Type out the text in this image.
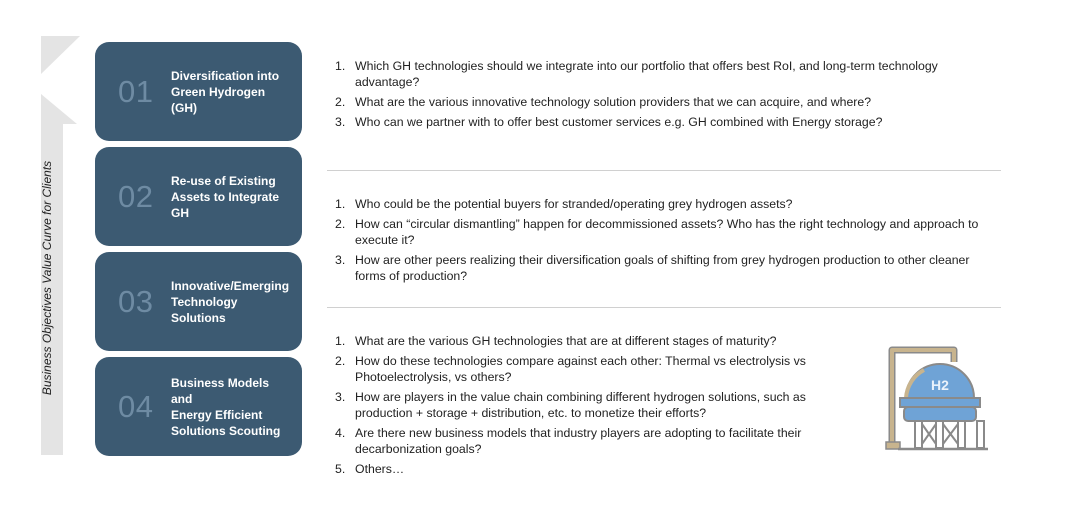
Business Objectives Value Curve for Clients
01 Diversification into
Green Hydrogen (GH)
02 Re-use of Existing
Assets to Integrate GH
03 Innovative/Emerging
Technology Solutions
04
Business Models and
Energy Efficient
Solutions Scouting
1. Which GH technologies should we integrate into our portfolio that offers best RoI, and long-term technology advantage?
2. What are the various innovative technology solution providers that we can acquire, and where?
3. Who can we partner with to offer best customer services e.g. GH combined with Energy storage?
1. Who could be the potential buyers for stranded/operating grey hydrogen assets?
2. How can “circular dismantling” happen for decommissioned assets? Who has the right technology and approach to execute it?
3. How are other peers realizing their diversification goals of shifting from grey hydrogen production to other cleaner forms of production?
1. What are the various GH technologies that are at different stages of maturity?
2. How do these technologies compare against each other: Thermal vs electrolysis vs Photoelectrolysis, vs others?
3. How are players in the value chain combining different hydrogen solutions, such as production + storage + distribution, etc. to monetize their efforts?
4. Are there new business models that industry players are adopting to facilitate their decarbonization goals?
5. Others…
H2
